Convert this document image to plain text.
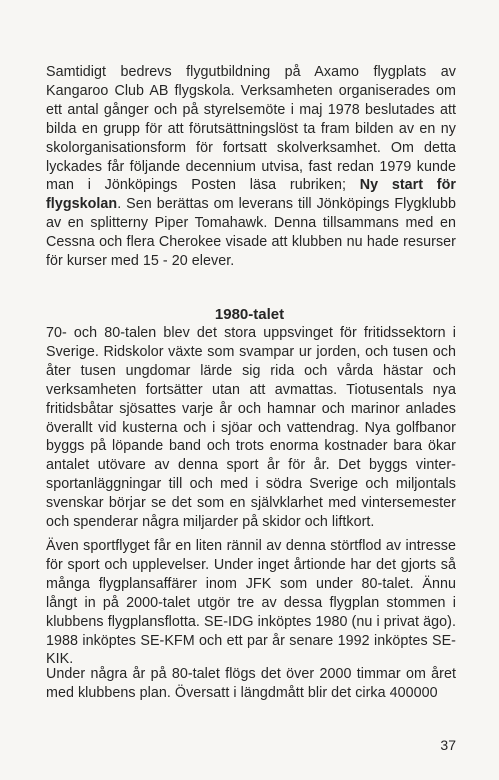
Samtidigt bedrevs flygutbildning på Axamo flygplats av Kangaroo Club AB flygskola. Verksamheten organiserades om ett antal gånger och på styrelsemöte i maj 1978 beslutades att bilda en grupp för att förutsättningslöst ta fram bilden av en ny skolorganisationsform för fortsatt skolverksamhet. Om detta lyckades får följande decennium utvisa, fast redan 1979 kunde man i Jönköpings Posten läsa rubriken; Ny start för flygskolan. Sen berättas om leverans till Jönköpings Flygklubb av en splitterny Piper Tomahawk. Denna tillsammans med en Cessna och flera Cherokee visade att klubben nu hade resurser för kurser med 15 - 20 elever.

1980-talet

70- och 80-talen blev det stora uppsvinget för fritidssektorn i Sverige. Ridskolor växte som svampar ur jorden, och tusen och åter tusen ungdomar lärde sig rida och vårda hästar och verksamheten fortsätter utan att avmattas. Tiotusentals nya fritidsbåtar sjösattes varje år och hamnar och marinor anlades överallt vid kusterna och i sjöar och vattendrag. Nya golfbanor byggs på löpande band och trots enorma kostnader bara ökar antalet utövare av denna sport år för år. Det byggs vinter-sportanläggningar till och med i södra Sverige och miljontals svenskar börjar se det som en självklarhet med vintersemester och spenderar några miljarder på skidor och liftkort.

Även sportflyget får en liten rännil av denna störtflod av intresse för sport och upplevelser. Under inget årtionde har det gjorts så många flygplansaffärer inom JFK som under 80-talet. Ännu långt in på 2000-talet utgör tre av dessa flygplan stommen i klubbens flygplansflotta. SE-IDG inköptes 1980 (nu i privat ägo). 1988 inköptes SE-KFM och ett par år senare 1992 inköptes SE-KIK.

Under några år på 80-talet flögs det över 2000 timmar om året med klubbens plan. Översatt i längdmått blir det cirka 400000

37
